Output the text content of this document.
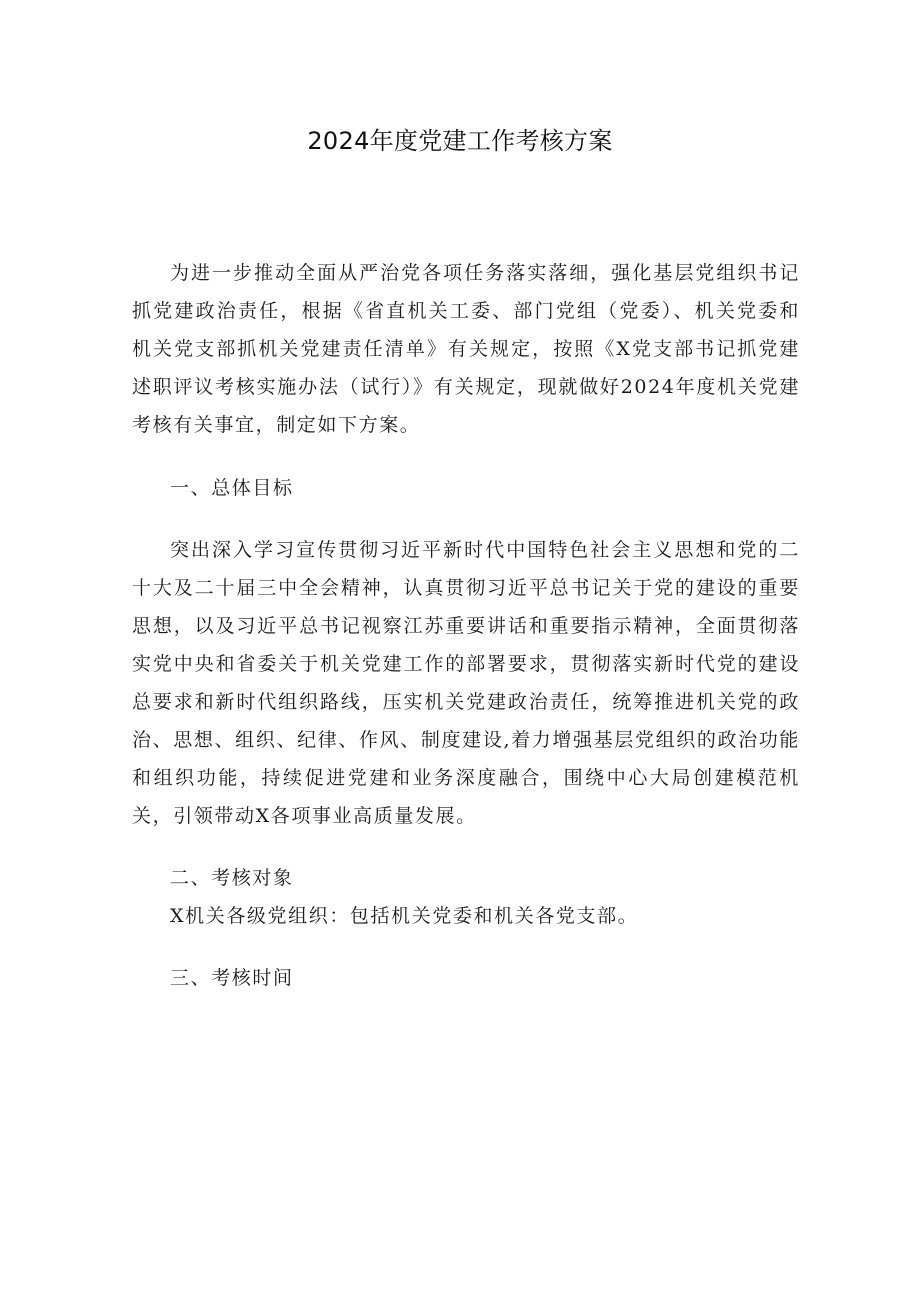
2024年度党建工作考核方案

为进一步推动全面从严治党各项任务落实落细，强化基层党组织书记抓党建政治责任，根据《省直机关工委、部门党组（党委）、机关党委和机关党支部抓机关党建责任清单》有关规定，按照《X党支部书记抓党建述职评议考核实施办法（试行）》有关规定，现就做好2024年度机关党建考核有关事宜，制定如下方案。

一、总体目标

突出深入学习宣传贯彻习近平新时代中国特色社会主义思想和党的二十大及二十届三中全会精神，认真贯彻习近平总书记关于党的建设的重要思想，以及习近平总书记视察江苏重要讲话和重要指示精神，全面贯彻落实党中央和省委关于机关党建工作的部署要求，贯彻落实新时代党的建设总要求和新时代组织路线，压实机关党建政治责任，统筹推进机关党的政治、思想、组织、纪律、作风、制度建设,着力增强基层党组织的政治功能和组织功能，持续促进党建和业务深度融合，围绕中心大局创建模范机关，引领带动X各项事业高质量发展。

二、考核对象

X机关各级党组织：包括机关党委和机关各党支部。

三、考核时间
